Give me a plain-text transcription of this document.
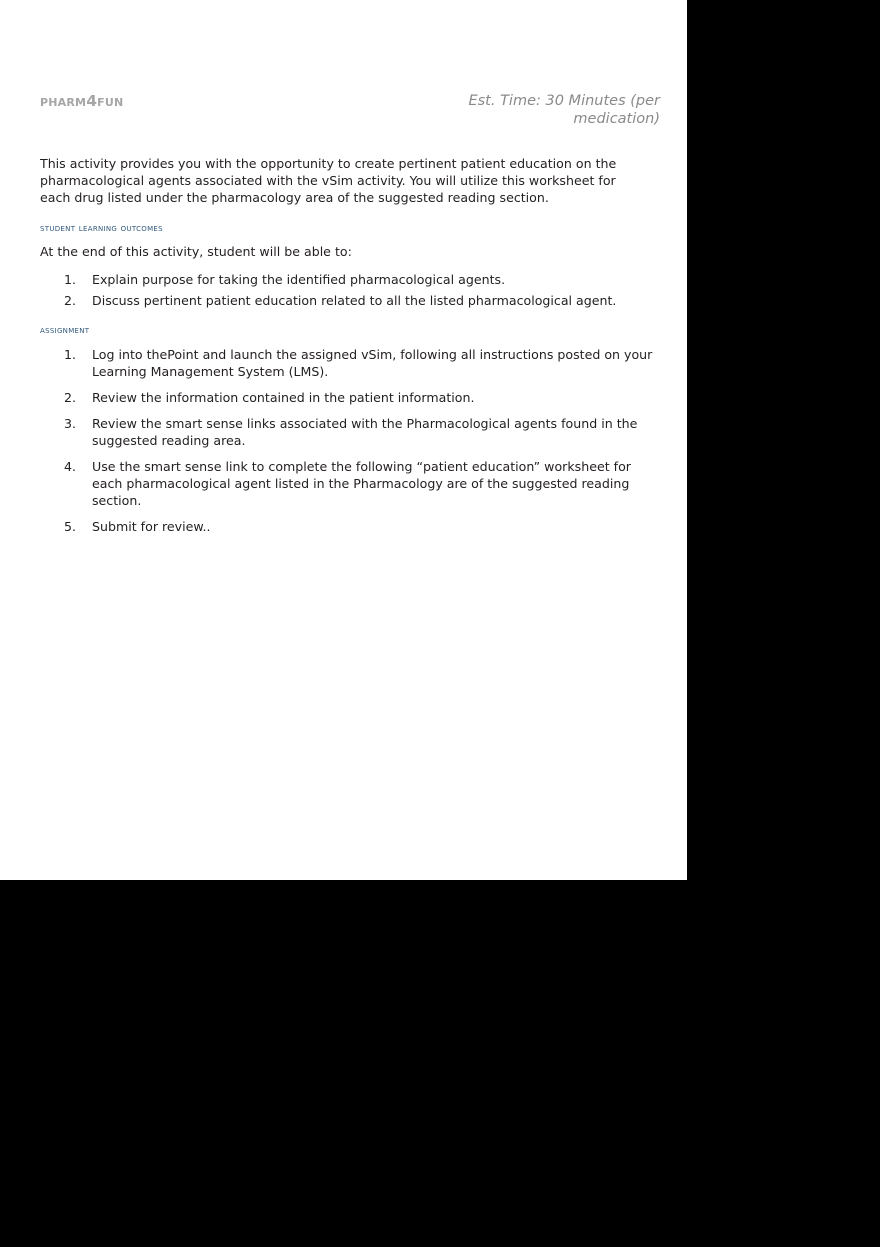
pharm4fun	Est. Time: 30 Minutes (per medication)

This activity provides you with the opportunity to create pertinent patient education on the pharmacological agents associated with the vSim activity. You will utilize this worksheet for each drug listed under the pharmacology area of the suggested reading section.

student learning outcomes

At the end of this activity, student will be able to:

1.	Explain purpose for taking the identified pharmacological agents.
2.	Discuss pertinent patient education related to all the listed pharmacological agent.
assignment
1.	Log into thePoint and launch the assigned vSim, following all instructions posted on your Learning Management System (LMS).
2.	Review the information contained in the patient information.
3.	Review the smart sense links associated with the Pharmacological agents found in the suggested reading area.
4.	Use the smart sense link to complete the following “patient education” worksheet for each pharmacological agent listed in the Pharmacology are of the suggested reading section.
5.	Submit for review..
